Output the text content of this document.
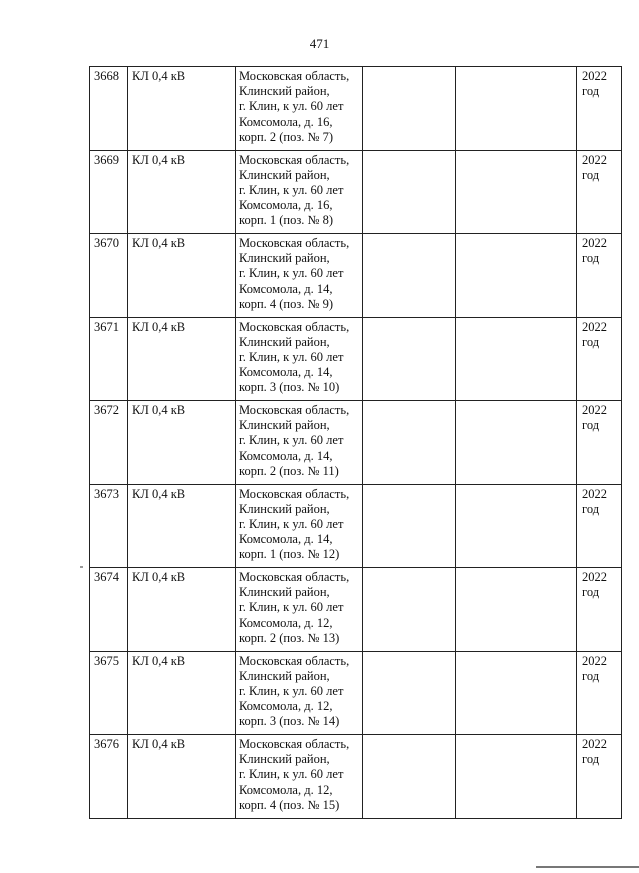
471
3668	КЛ 0,4 кВ	Московская область,
Клинский район,
г. Клин, к ул. 60 лет
Комсомола, д. 16,
корп. 2 (поз. № 7)			2022
год

3669	КЛ 0,4 кВ	Московская область,
Клинский район,
г. Клин, к ул. 60 лет
Комсомола, д. 16,
корп. 1 (поз. № 8)			2022
год

3670	КЛ 0,4 кВ	Московская область,
Клинский район,
г. Клин, к ул. 60 лет
Комсомола, д. 14,
корп. 4 (поз. № 9)			2022
год

3671	КЛ 0,4 кВ	Московская область,
Клинский район,
г. Клин, к ул. 60 лет
Комсомола, д. 14,
корп. 3 (поз. № 10)			2022
год

3672	КЛ 0,4 кВ	Московская область,
Клинский район,
г. Клин, к ул. 60 лет
Комсомола, д. 14,
корп. 2 (поз. № 11)			2022
год

3673	КЛ 0,4 кВ	Московская область,
Клинский район,
г. Клин, к ул. 60 лет
Комсомола, д. 14,
корп. 1 (поз. № 12)			2022
год

3674	КЛ 0,4 кВ	Московская область,
Клинский район,
г. Клин, к ул. 60 лет
Комсомола, д. 12,
корп. 2 (поз. № 13)			2022
год

3675	КЛ 0,4 кВ	Московская область,
Клинский район,
г. Клин, к ул. 60 лет
Комсомола, д. 12,
корп. 3 (поз. № 14)			2022
год

3676	КЛ 0,4 кВ	Московская область,
Клинский район,
г. Клин, к ул. 60 лет
Комсомола, д. 12,
корп. 4 (поз. № 15)			2022
год
